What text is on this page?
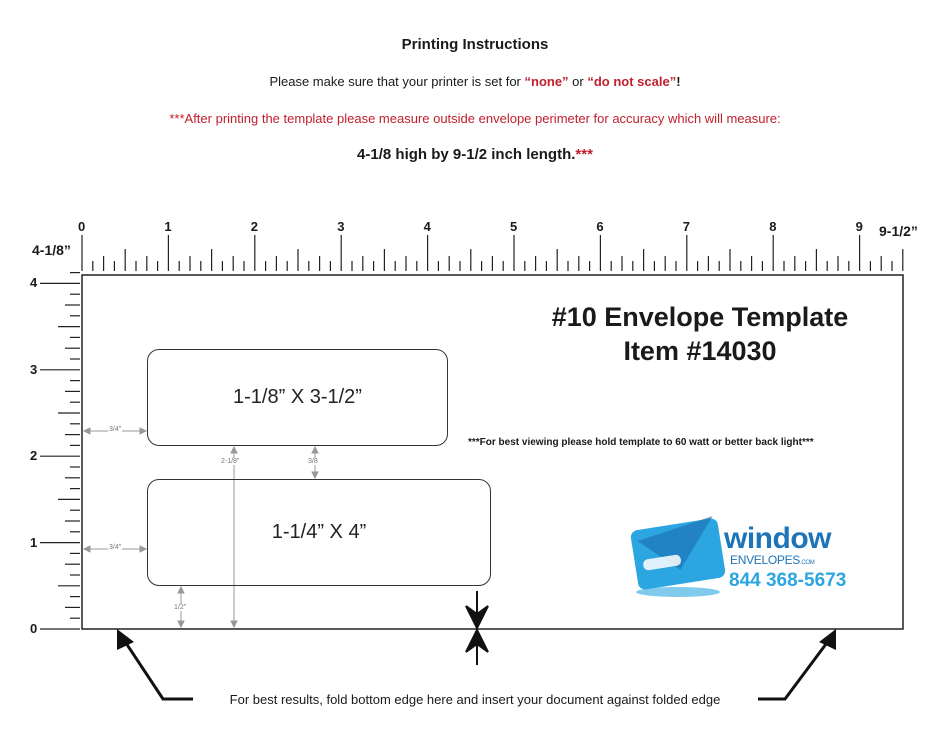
Printing Instructions
Please make sure that your printer is set for “none” or “do not scale”!
***After printing the template please measure outside envelope perimeter for accuracy which will measure:
4-1/8 high by 9-1/2 inch length.***
0	1	2	3	4	5	6	7	8	9
4
3
2
1
0
9-1/2”
4-1/8”
#10 Envelope Template
Item #14030
1-1/8” X 3-1/2”
1-1/4” X 4”
3/4”
3/4”
3/8
2-1/8”
1/2”
***For best viewing please hold template to 60 watt or better back light***
window
ENVELOPES.COM
844 368-5673
For best results, fold bottom edge here and insert your document against folded edge
